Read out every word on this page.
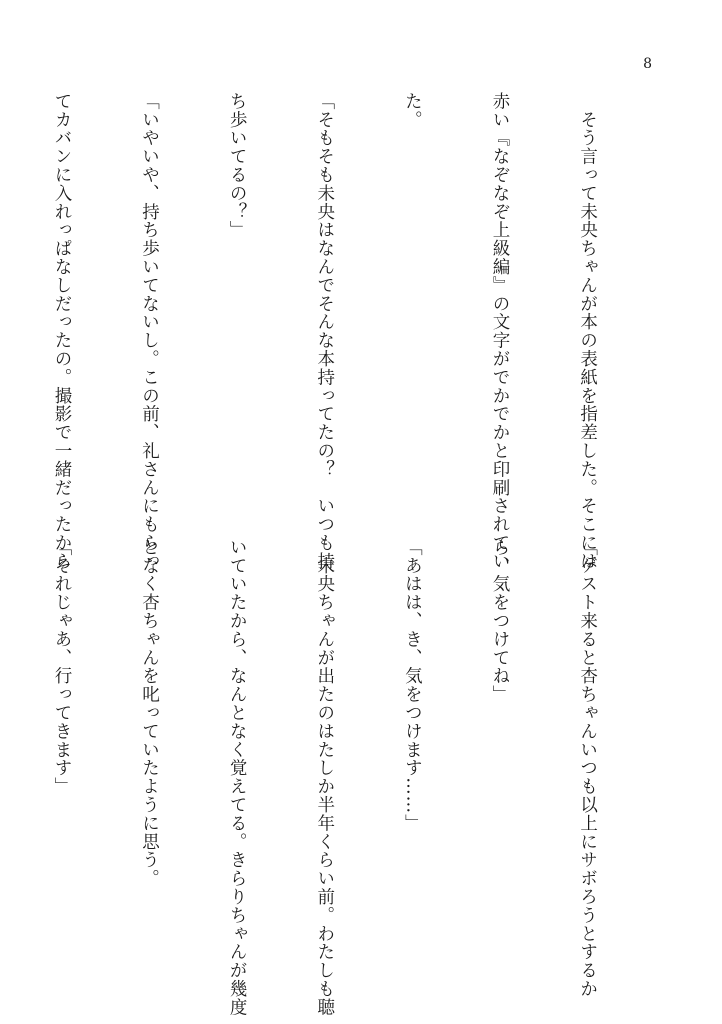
8

　そう言って未央ちゃんが本の表紙を指差した。そこには

赤い『なぞなぞ上級編』の文字がでかでかと印刷されてい

た。

「そもそも未央はなんでそんな本持ってたの？　いつも持

ち歩いてるの？」

「いやいや、持ち歩いてないし。この前、礼さんにもらっ

てカバンに入れっぱなしだったの。撮影で一緒だったから

「ゲスト来ると杏ちゃんいつも以上にサボろうとするか

ら、気をつけてね」

「あはは、き、気をつけます……」

　未央ちゃんが出たのはたしか半年くらい前。わたしも聴

いていたから、なんとなく覚えてる。きらりちゃんが幾度

となく杏ちゃんを叱っていたように思う。

「それじゃあ、行ってきます」
